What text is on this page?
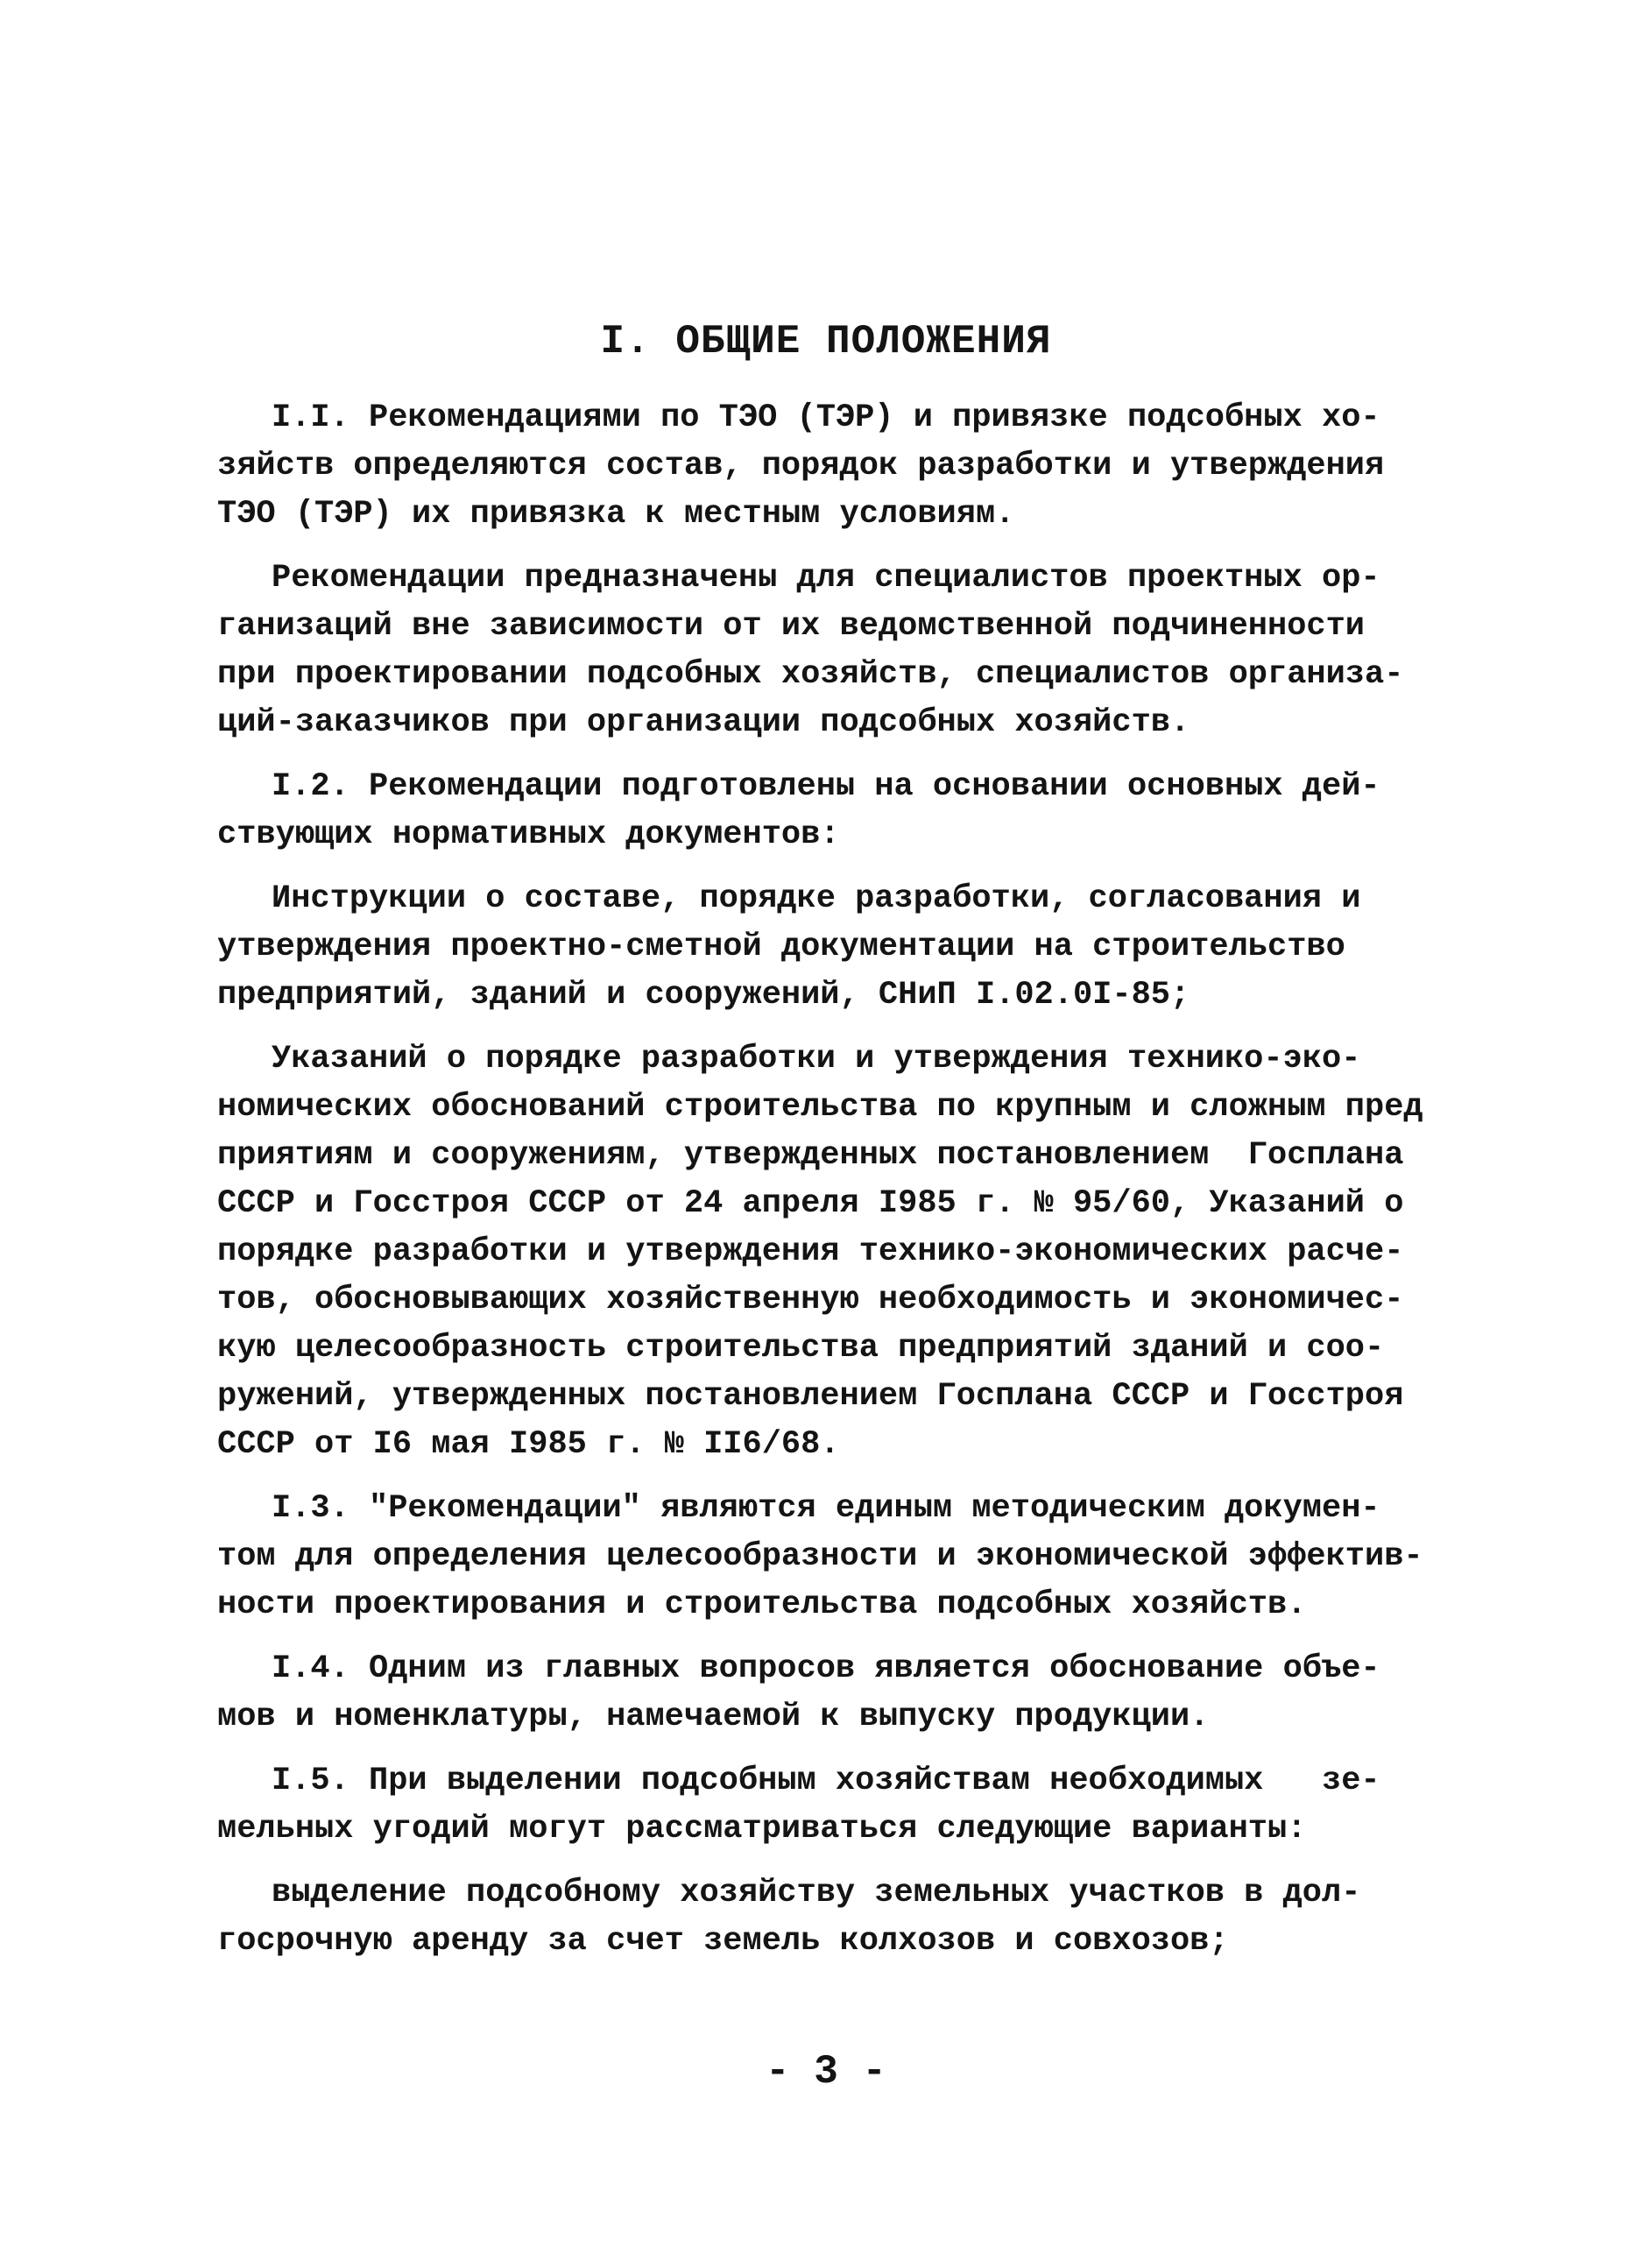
I. ОБЩИЕ ПОЛОЖЕНИЯ
I.I. Рекомендациями по ТЭО (ТЭР) и привязке подсобных хо-
зяйств определяются состав, порядок разработки и утверждения
ТЭО (ТЭР) их привязка к местным условиям.
Рекомендации предназначены для специалистов проектных ор-
ганизаций вне зависимости от их ведомственной подчиненности
при проектировании подсобных хозяйств, специалистов организа-
ций-заказчиков при организации подсобных хозяйств.
I.2. Рекомендации подготовлены на основании основных дей-
ствующих нормативных документов:
Инструкции о составе, порядке разработки, согласования и
утверждения проектно-сметной документации на строительство
предприятий, зданий и сооружений, СНиП I.02.0I-85;
Указаний о порядке разработки и утверждения технико-эко-
номических обоснований строительства по крупным и сложным пред
приятиям и сооружениям, утвержденных постановлением  Госплана
СССР и Госстроя СССР от 24 апреля I985 г. № 95/60, Указаний о
порядке разработки и утверждения технико-экономических расче-
тов, обосновывающих хозяйственную необходимость и экономичес-
кую целесообразность строительства предприятий зданий и соо-
ружений, утвержденных постановлением Госплана СССР и Госстроя
СССР от I6 мая I985 г. № II6/68.
I.3. "Рекомендации" являются единым методическим докумен-
том для определения целесообразности и экономической эффектив-
ности проектирования и строительства подсобных хозяйств.
I.4. Одним из главных вопросов является обоснование объе-
мов и номенклатуры, намечаемой к выпуску продукции.
I.5. При выделении подсобным хозяйствам необходимых   зе-
мельных угодий могут рассматриваться следующие варианты:
выделение подсобному хозяйству земельных участков в дол-
госрочную аренду за счет земель колхозов и совхозов;
- 3 -
